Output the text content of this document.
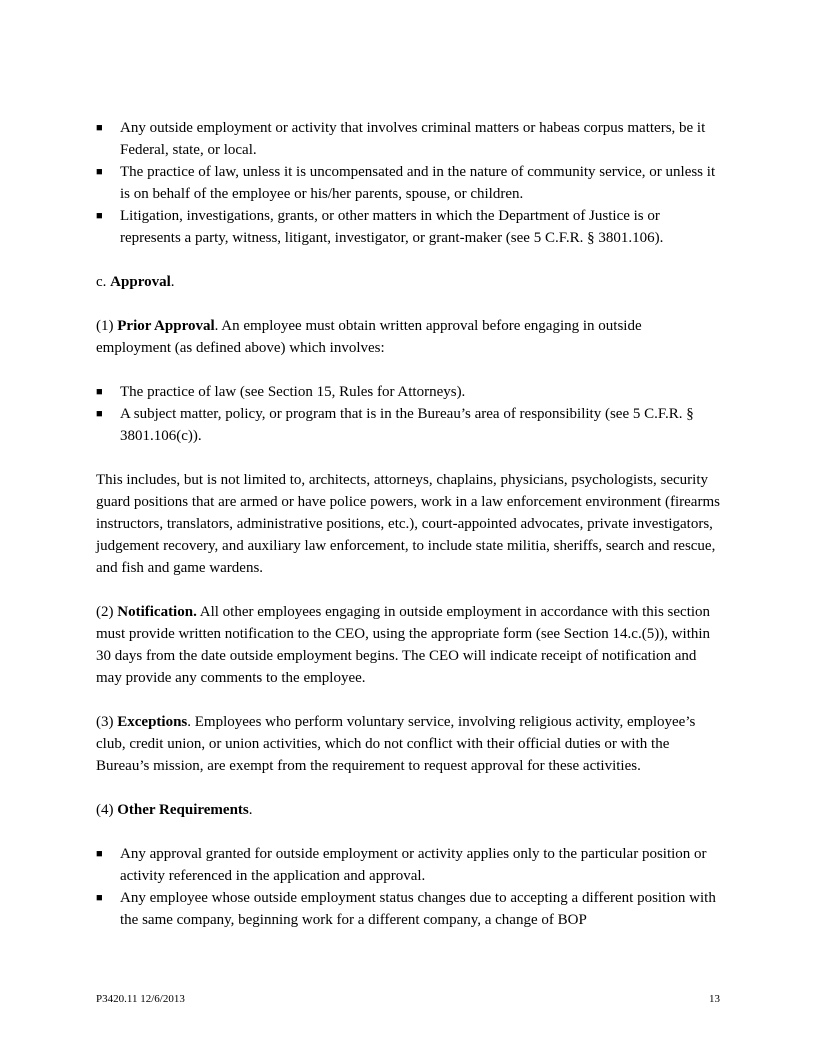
■ Any outside employment or activity that involves criminal matters or habeas corpus matters, be it Federal, state, or local.
■ The practice of law, unless it is uncompensated and in the nature of community service, or unless it is on behalf of the employee or his/her parents, spouse, or children.
■ Litigation, investigations, grants, or other matters in which the Department of Justice is or represents a party, witness, litigant, investigator, or grant-maker (see 5 C.F.R. § 3801.106).

c. Approval.

(1) Prior Approval. An employee must obtain written approval before engaging in outside employment (as defined above) which involves:

■ The practice of law (see Section 15, Rules for Attorneys).
■ A subject matter, policy, or program that is in the Bureau’s area of responsibility (see 5 C.F.R. § 3801.106(c)).

This includes, but is not limited to, architects, attorneys, chaplains, physicians, psychologists, security guard positions that are armed or have police powers, work in a law enforcement environment (firearms instructors, translators, administrative positions, etc.), court-appointed advocates, private investigators, judgement recovery, and auxiliary law enforcement, to include state militia, sheriffs, search and rescue, and fish and game wardens.

(2) Notification. All other employees engaging in outside employment in accordance with this section must provide written notification to the CEO, using the appropriate form (see Section 14.c.(5)), within 30 days from the date outside employment begins. The CEO will indicate receipt of notification and may provide any comments to the employee.

(3) Exceptions. Employees who perform voluntary service, involving religious activity, employee’s club, credit union, or union activities, which do not conflict with their official duties or with the Bureau’s mission, are exempt from the requirement to request approval for these activities.

(4) Other Requirements.

■ Any approval granted for outside employment or activity applies only to the particular position or activity referenced in the application and approval.
■ Any employee whose outside employment status changes due to accepting a different position with the same company, beginning work for a different company, a change of BOP
P3420.11 12/6/2013	13
